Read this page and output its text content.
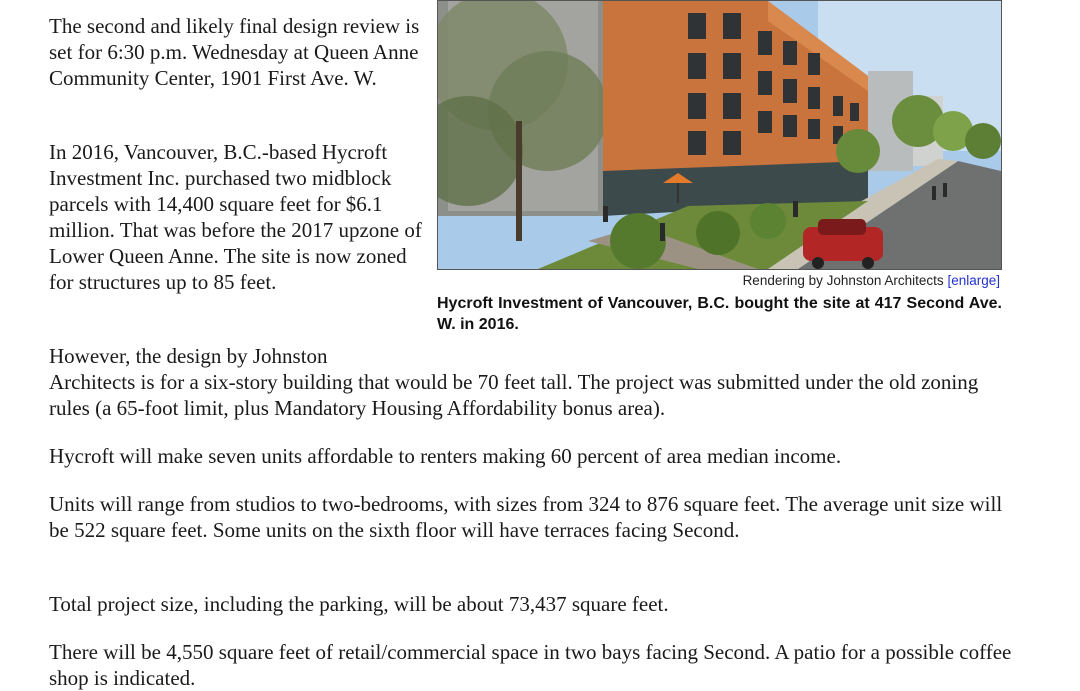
The second and likely final design review is set for 6:30 p.m. Wednesday at Queen Anne Community Center, 1901 First Ave. W.

In 2016, Vancouver, B.C.-based Hycroft Investment Inc. purchased two midblock parcels with 14,400 square feet for $6.1 million. That was before the 2017 upzone of Lower Queen Anne. The site is now zoned for structures up to 85 feet.

However, the design by Johnston Architects is for a six-story building that would be 70 feet tall. The project was submitted under the old zoning rules (a 65-foot limit, plus Mandatory Housing Affordability bonus area).

Hycroft will make seven units affordable to renters making 60 percent of area median income.

Units will range from studios to two-bedrooms, with sizes from 324 to 876 square feet. The average unit size will be 522 square feet. Some units on the sixth floor will have terraces facing Second.

Total project size, including the parking, will be about 73,437 square feet.

There will be 4,550 square feet of retail/commercial space in two bays facing Second. A patio for a possible coffee shop is indicated.

Rendering by Johnston Architects [enlarge]
Hycroft Investment of Vancouver, B.C. bought the site at 417 Second Ave. W. in 2016.
